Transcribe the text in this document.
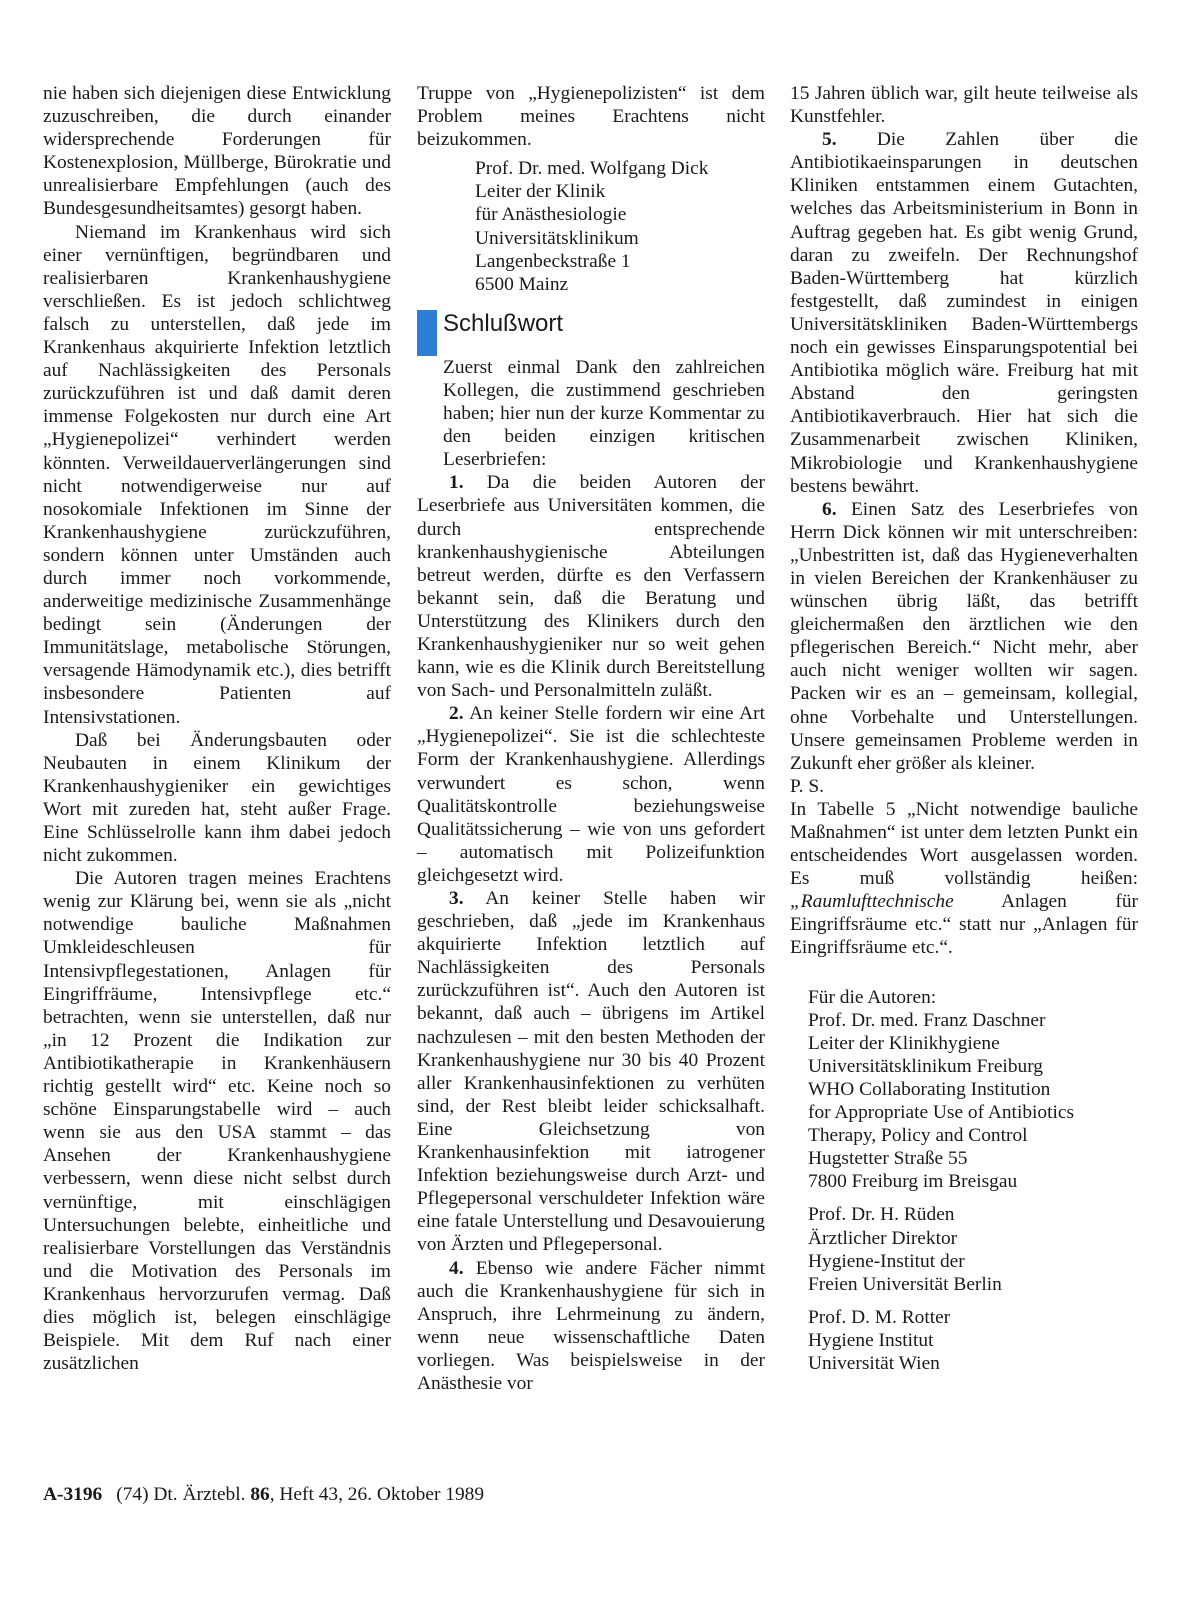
nie haben sich diejenigen diese Entwicklung zuzuschreiben, die durch einander widersprechende Forderungen für Kostenexplosion, Müllberge, Bürokratie und unrealisierbare Empfehlungen (auch des Bundesgesundheitsamtes) gesorgt haben.

Niemand im Krankenhaus wird sich einer vernünftigen, begründbaren und realisierbaren Krankenhaushygiene verschließen. Es ist jedoch schlichtweg falsch zu unterstellen, daß jede im Krankenhaus akquirierte Infektion letztlich auf Nachlässigkeiten des Personals zurückzuführen ist und daß damit deren immense Folgekosten nur durch eine Art „Hygienepolizei“ verhindert werden könnten. Verweildauerverlängerungen sind nicht notwendigerweise nur auf nosokomiale Infektionen im Sinne der Krankenhaushygiene zurückzuführen, sondern können unter Umständen auch durch immer noch vorkommende, anderweitige medizinische Zusammenhänge bedingt sein (Änderungen der Immunitätslage, metabolische Störungen, versagende Hämodynamik etc.), dies betrifft insbesondere Patienten auf Intensivstationen.

Daß bei Änderungsbauten oder Neubauten in einem Klinikum der Krankenhaushygieniker ein gewichtiges Wort mit zureden hat, steht außer Frage. Eine Schlüsselrolle kann ihm dabei jedoch nicht zukommen.

Die Autoren tragen meines Erachtens wenig zur Klärung bei, wenn sie als „nicht notwendige bauliche Maßnahmen Umkleideschleusen für Intensivpflegestationen, Anlagen für Eingriffräume, Intensivpflege etc.“ betrachten, wenn sie unterstellen, daß nur „in 12 Prozent die Indikation zur Antibiotikatherapie in Krankenhäusern richtig gestellt wird“ etc. Keine noch so schöne Einsparungstabelle wird – auch wenn sie aus den USA stammt – das Ansehen der Krankenhaushygiene verbessern, wenn diese nicht selbst durch vernünftige, mit einschlägigen Untersuchungen belebte, einheitliche und realisierbare Vorstellungen das Verständnis und die Motivation des Personals im Krankenhaus hervorzurufen vermag. Daß dies möglich ist, belegen einschlägige Beispiele. Mit dem Ruf nach einer zusätzlichen

Truppe von „Hygienepolizisten“ ist dem Problem meines Erachtens nicht beizukommen.

Prof. Dr. med. Wolfgang Dick
Leiter der Klinik
für Anästhesiologie
Universitätsklinikum
Langenbeckstraße 1
6500 Mainz
Schlußwort

Zuerst einmal Dank den zahlreichen Kollegen, die zustimmend geschrieben haben; hier nun der kurze Kommentar zu den beiden einzigen kritischen Leserbriefen:

1. Da die beiden Autoren der Leserbriefe aus Universitäten kommen, die durch entsprechende krankenhaushygienische Abteilungen betreut werden, dürfte es den Verfassern bekannt sein, daß die Beratung und Unterstützung des Klinikers durch den Krankenhaushygieniker nur so weit gehen kann, wie es die Klinik durch Bereitstellung von Sach- und Personalmitteln zuläßt.

2. An keiner Stelle fordern wir eine Art „Hygienepolizei“. Sie ist die schlechteste Form der Krankenhaushygiene. Allerdings verwundert es schon, wenn Qualitätskontrolle beziehungsweise Qualitätssicherung – wie von uns gefordert – automatisch mit Polizeifunktion gleichgesetzt wird.

3. An keiner Stelle haben wir geschrieben, daß „jede im Krankenhaus akquirierte Infektion letztlich auf Nachlässigkeiten des Personals zurückzuführen ist“. Auch den Autoren ist bekannt, daß auch – übrigens im Artikel nachzulesen – mit den besten Methoden der Krankenhaushygiene nur 30 bis 40 Prozent aller Krankenhausinfektionen zu verhüten sind, der Rest bleibt leider schicksalhaft. Eine Gleichsetzung von Krankenhausinfektion mit iatrogener Infektion beziehungsweise durch Arzt- und Pflegepersonal verschuldeter Infektion wäre eine fatale Unterstellung und Desavouierung von Ärzten und Pflegepersonal.

4. Ebenso wie andere Fächer nimmt auch die Krankenhaushygiene für sich in Anspruch, ihre Lehrmeinung zu ändern, wenn neue wissenschaftliche Daten vorliegen. Was beispielsweise in der Anästhesie vor

15 Jahren üblich war, gilt heute teilweise als Kunstfehler.

5. Die Zahlen über die Antibiotikaeinsparungen in deutschen Kliniken entstammen einem Gutachten, welches das Arbeitsministerium in Bonn in Auftrag gegeben hat. Es gibt wenig Grund, daran zu zweifeln. Der Rechnungshof Baden-Württemberg hat kürzlich festgestellt, daß zumindest in einigen Universitätskliniken Baden-Württembergs noch ein gewisses Einsparungspotential bei Antibiotika möglich wäre. Freiburg hat mit Abstand den geringsten Antibiotikaverbrauch. Hier hat sich die Zusammenarbeit zwischen Kliniken, Mikrobiologie und Krankenhaushygiene bestens bewährt.

6. Einen Satz des Leserbriefes von Herrn Dick können wir mit unterschreiben: „Unbestritten ist, daß das Hygieneverhalten in vielen Bereichen der Krankenhäuser zu wünschen übrig läßt, das betrifft gleichermaßen den ärztlichen wie den pflegerischen Bereich.“ Nicht mehr, aber auch nicht weniger wollten wir sagen. Packen wir es an – gemeinsam, kollegial, ohne Vorbehalte und Unterstellungen. Unsere gemeinsamen Probleme werden in Zukunft eher größer als kleiner.

P. S.

In Tabelle 5 „Nicht notwendige bauliche Maßnahmen“ ist unter dem letzten Punkt ein entscheidendes Wort ausgelassen worden. Es muß vollständig heißen: „Raumlufttechnische Anlagen für Eingriffsräume etc.“ statt nur „Anlagen für Eingriffsräume etc.“.

Für die Autoren:
Prof. Dr. med. Franz Daschner
Leiter der Klinikhygiene
Universitätsklinikum Freiburg
WHO Collaborating Institution
for Appropriate Use of Antibiotics
Therapy, Policy and Control
Hugstetter Straße 55
7800 Freiburg im Breisgau
Prof. Dr. H. Rüden
Ärztlicher Direktor
Hygiene-Institut der
Freien Universität Berlin
Prof. D. M. Rotter
Hygiene Institut
Universität Wien
A-3196 (74) Dt. Ärztebl. 86, Heft 43, 26. Oktober 1989
